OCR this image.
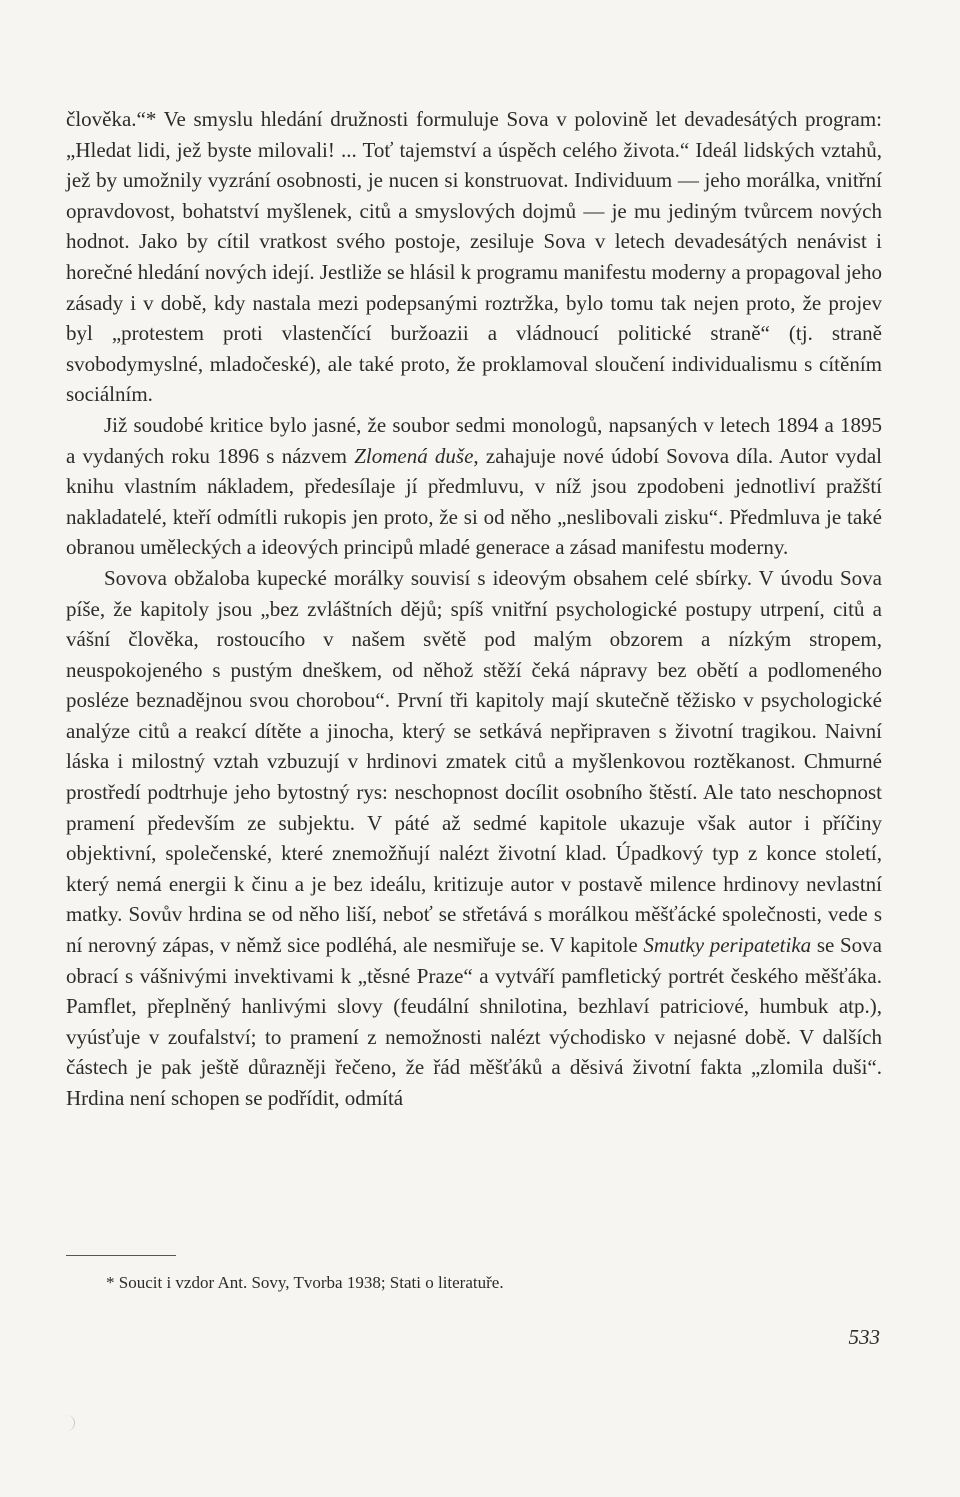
člověka.“* Ve smyslu hledání družnosti formuluje Sova v polovině let devadesátých program: „Hledat lidi, jež byste milovali! ... Toť tajemství a úspěch celého života.“ Ideál lidských vztahů, jež by umožnily vyzrání osobnosti, je nucen si konstruovat. Individuum — jeho morálka, vnitřní opravdovost, bohatství myšlenek, citů a smyslových dojmů — je mu jediným tvůrcem nových hodnot. Jako by cítil vratkost svého postoje, zesiluje Sova v letech devadesátých nenávist i horečné hledání nových idejí. Jestliže se hlásil k programu manifestu moderny a propagoval jeho zásady i v době, kdy nastala mezi podepsanými roztržka, bylo tomu tak nejen proto, že projev byl „protestem proti vlastenčící buržoazii a vládnoucí politické straně“ (tj. straně svobodymyslné, mladočeské), ale také proto, že proklamoval sloučení individualismu s cítěním sociálním.

Již soudobé kritice bylo jasné, že soubor sedmi monologů, napsaných v letech 1894 a 1895 a vydaných roku 1896 s názvem Zlomená duše, zahajuje nové údobí Sovova díla. Autor vydal knihu vlastním nákladem, předesílaje jí předmluvu, v níž jsou zpodobeni jednotliví pražští nakladatelé, kteří odmítli rukopis jen proto, že si od něho „neslibovali zisku“. Předmluva je také obranou uměleckých a ideových principů mladé generace a zásad manifestu moderny.

Sovova obžaloba kupecké morálky souvisí s ideovým obsahem celé sbírky. V úvodu Sova píše, že kapitoly jsou „bez zvláštních dějů; spíš vnitřní psychologické postupy utrpení, citů a vášní člověka, rostoucího v našem světě pod malým obzorem a nízkým stropem, neuspokojeného s pustým dneškem, od něhož stěží čeká nápravy bez obětí a podlomeného posléze beznadějnou svou chorobou“. První tři kapitoly mají skutečně těžisko v psychologické analýze citů a reakcí dítěte a jinocha, který se setkává nepřipraven s životní tragikou. Naivní láska i milostný vztah vzbuzují v hrdinovi zmatek citů a myšlenkovou roztěkanost. Chmurné prostředí podtrhuje jeho bytostný rys: neschopnost docílit osobního štěstí. Ale tato neschopnost pramení především ze subjektu. V páté až sedmé kapitole ukazuje však autor i příčiny objektivní, společenské, které znemožňují nalézt životní klad. Úpadkový typ z konce století, který nemá energii k činu a je bez ideálu, kritizuje autor v postavě milence hrdinovy nevlastní matky. Sovův hrdina se od něho liší, neboť se střetává s morálkou měšťácké společnosti, vede s ní nerovný zápas, v němž sice podléhá, ale nesmiřuje se. V kapitole Smutky peripatetika se Sova obrací s vášnivými invektivami k „těsné Praze“ a vytváří pamfletický portrét českého měšťáka. Pamflet, přeplněný hanlivými slovy (feudální shnilotina, bezhlaví patriciové, humbuk atp.), vyúsťuje v zoufalství; to pramení z nemožnosti nalézt východisko v nejasné době. V dalších částech je pak ještě důrazněji řečeno, že řád měšťáků a děsivá životní fakta „zlomila duši“. Hrdina není schopen se podřídit, odmítá

* Soucit i vzdor Ant. Sovy, Tvorba 1938; Stati o literatuře.

533
